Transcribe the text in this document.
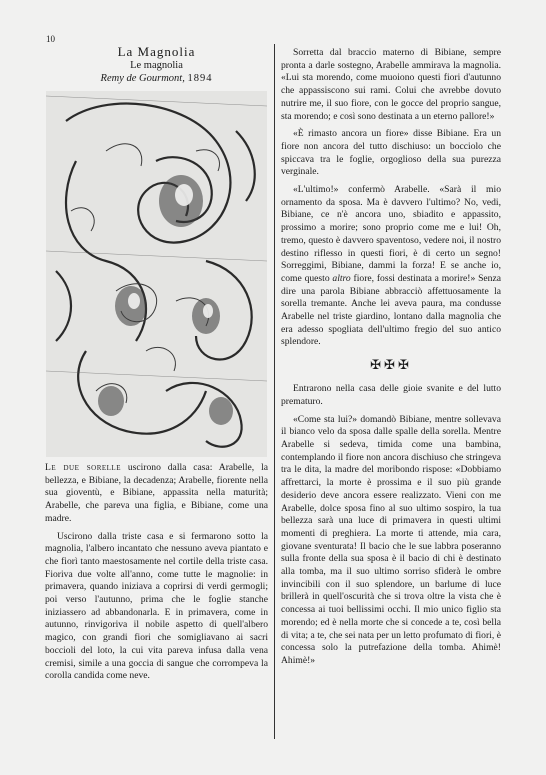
10
La Magnolia
Le magnolia
Remy de Gourmont, 1894

Le due sorelle uscirono dalla casa: Arabelle, la bellezza, e Bibiane, la decadenza; Arabelle, fiorente nella sua gioventù, e Bibiane, appassita nella maturità; Arabelle, che pareva una figlia, e Bibiane, come una madre.

Uscirono dalla triste casa e si fermarono sotto la magnolia, l'albero incantato che nessuno aveva piantato e che fiorì tanto maestosamente nel cortile della triste casa. Fioriva due volte all'anno, come tutte le magnolie: in primavera, quando iniziava a coprirsi di verdi germogli; poi verso l'autunno, prima che le foglie stanche iniziassero ad abbandonarla. E in primavera, come in autunno, rinvigoriva il nobile aspetto di quell'albero magico, con grandi fiori che somigliavano ai sacri boccioli del loto, la cui vita pareva infusa dalla vena cremisi, simile a una goccia di sangue che corrompeva la corolla candida come neve.

Sorretta dal braccio materno di Bibiane, sempre pronta a darle sostegno, Arabelle ammirava la magnolia. «Lui sta morendo, come muoiono questi fiori d'autunno che appassiscono sui rami. Colui che avrebbe dovuto nutrire me, il suo fiore, con le gocce del proprio sangue, sta morendo; e così sono destinata a un eterno pallore!»

«È rimasto ancora un fiore» disse Bibiane. Era un fiore non ancora del tutto dischiuso: un bocciolo che spiccava tra le foglie, orgoglioso della sua purezza verginale.

«L'ultimo!» confermò Arabelle. «Sarà il mio ornamento da sposa. Ma è davvero l'ultimo? No, vedi, Bibiane, ce n'è ancora uno, sbiadito e appassito, prossimo a morire; sono proprio come me e lui! Oh, tremo, questo è davvero spaventoso, vedere noi, il nostro destino riflesso in questi fiori, è di certo un segno! Sorreggimi, Bibiane, dammi la forza! E se anche io, come questo altro fiore, fossi destinata a morire!» Senza dire una parola Bibiane abbracciò affettuosamente la sorella tremante. Anche lei aveva paura, ma condusse Arabelle nel triste giardino, lontano dalla magnolia che era adesso spogliata dell'ultimo fregio del suo antico splendore.

✠✠✠

Entrarono nella casa delle gioie svanite e del lutto prematuro.

«Come sta lui?» domandò Bibiane, mentre sollevava il bianco velo da sposa dalle spalle della sorella. Mentre Arabelle si sedeva, timida come una bambina, contemplando il fiore non ancora dischiuso che stringeva tra le dita, la madre del moribondo rispose: «Dobbiamo affrettarci, la morte è prossima e il suo più grande desiderio deve ancora essere realizzato. Vieni con me Arabelle, dolce sposa fino al suo ultimo sospiro, la tua bellezza sarà una luce di primavera in questi ultimi momenti di preghiera. La morte ti attende, mia cara, giovane sventurata! Il bacio che le sue labbra poseranno sulla fronte della sua sposa è il bacio di chi è destinato alla tomba, ma il suo ultimo sorriso sfiderà le ombre invincibili con il suo splendore, un barlume di luce brillerà in quell'oscurità che si trova oltre la vista che è concessa ai tuoi bellissimi occhi. Il mio unico figlio sta morendo; ed è nella morte che si concede a te, così bella di vita; a te, che sei nata per un letto profumato di fiori, è concessa solo la putrefazione della tomba. Ahimè! Ahimè!»
